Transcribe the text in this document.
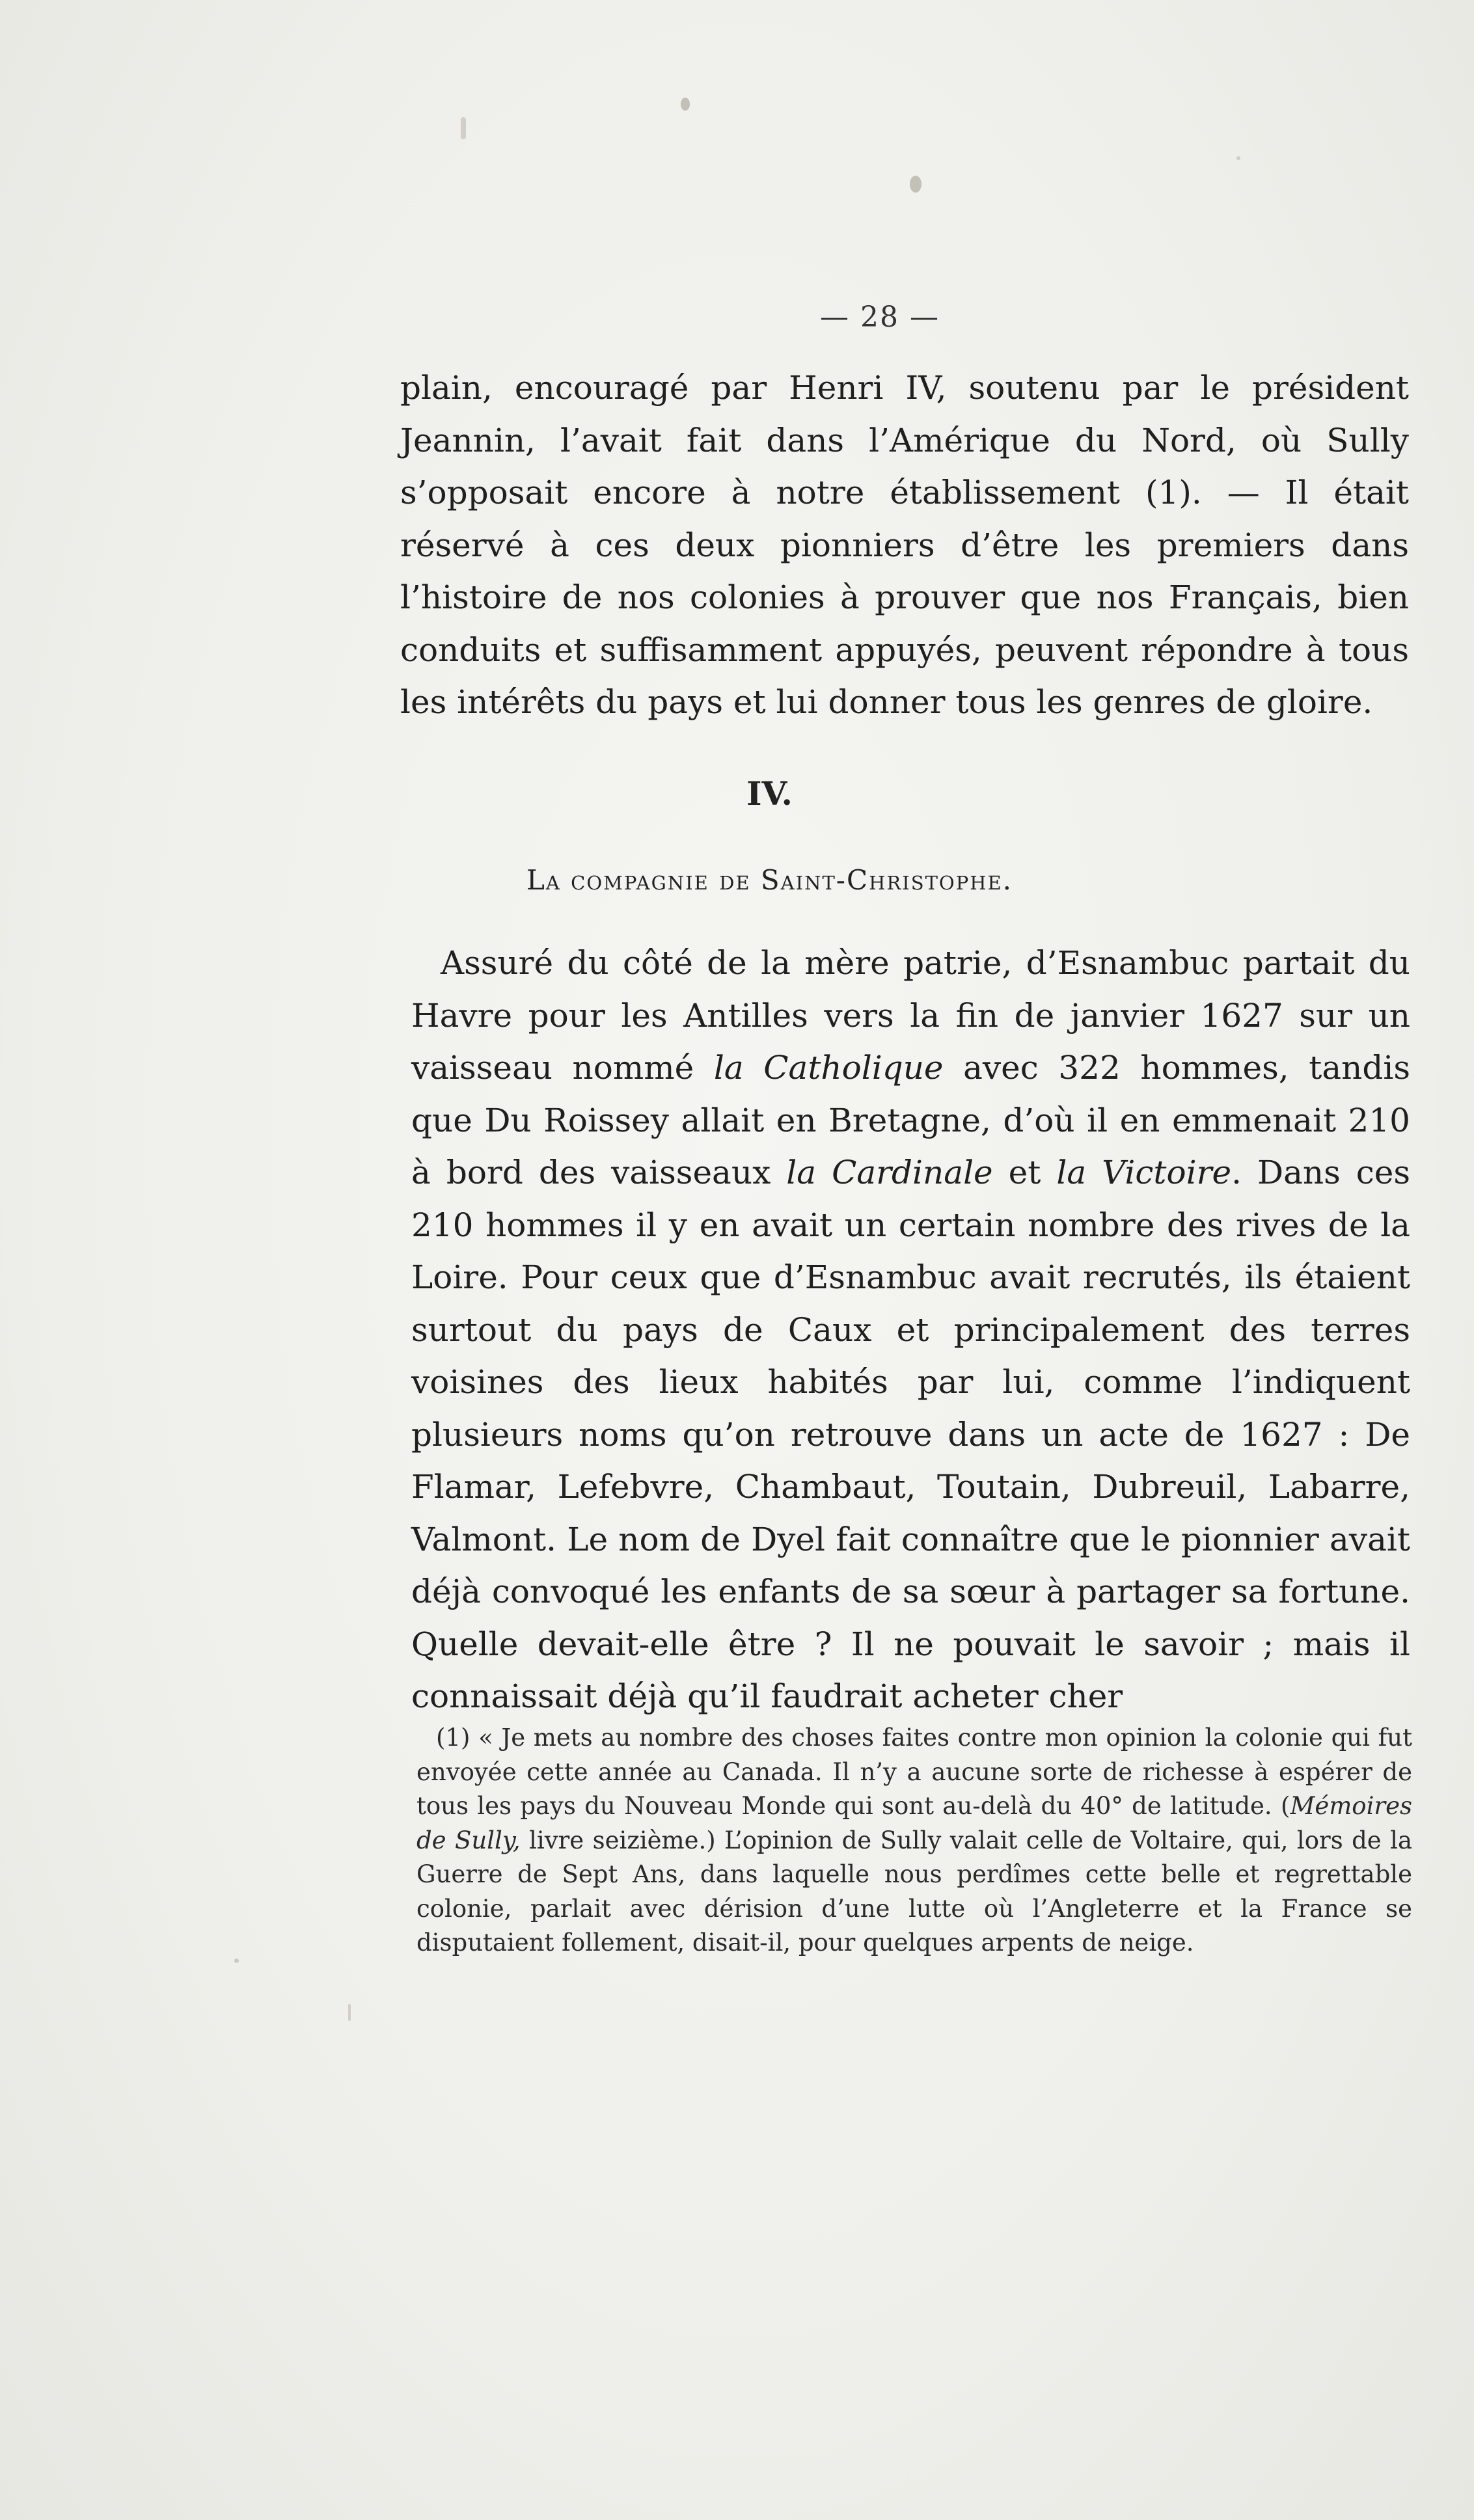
— 28 —

plain, encouragé par Henri IV, soutenu par le président Jeannin, l’avait fait dans l’Amérique du Nord, où Sully s’opposait encore à notre établissement (1). — Il était réservé à ces deux pionniers d’être les premiers dans l’histoire de nos colonies à prouver que nos Français, bien conduits et suffisamment appuyés, peuvent répondre à tous les intérêts du pays et lui donner tous les genres de gloire.

IV.
La compagnie de Saint-Christophe.

Assuré du côté de la mère patrie, d’Esnambuc partait du Havre pour les Antilles vers la fin de janvier 1627 sur un vaisseau nommé la Catholique avec 322 hommes, tandis que Du Roissey allait en Bretagne, d’où il en emmenait 210 à bord des vaisseaux la Cardinale et la Victoire. Dans ces 210 hommes il y en avait un certain nombre des rives de la Loire. Pour ceux que d’Esnambuc avait recrutés, ils étaient surtout du pays de Caux et principalement des terres voisines des lieux habités par lui, comme l’indiquent plusieurs noms qu’on retrouve dans un acte de 1627 : De Flamar, Lefebvre, Chambaut, Toutain, Dubreuil, Labarre, Valmont. Le nom de Dyel fait connaître que le pionnier avait déjà convoqué les enfants de sa sœur à partager sa fortune. Quelle devait-elle être ? Il ne pouvait le savoir ; mais il connaissait déjà qu’il faudrait acheter cher

(1) « Je mets au nombre des choses faites contre mon opinion la colonie qui fut envoyée cette année au Canada. Il n’y a aucune sorte de richesse à espérer de tous les pays du Nouveau Monde qui sont au-delà du 40° de latitude. (Mémoires de Sully, livre seizième.) L’opinion de Sully valait celle de Voltaire, qui, lors de la Guerre de Sept Ans, dans laquelle nous perdîmes cette belle et regrettable colonie, parlait avec dérision d’une lutte où l’Angleterre et la France se disputaient follement, disait-il, pour quelques arpents de neige.
